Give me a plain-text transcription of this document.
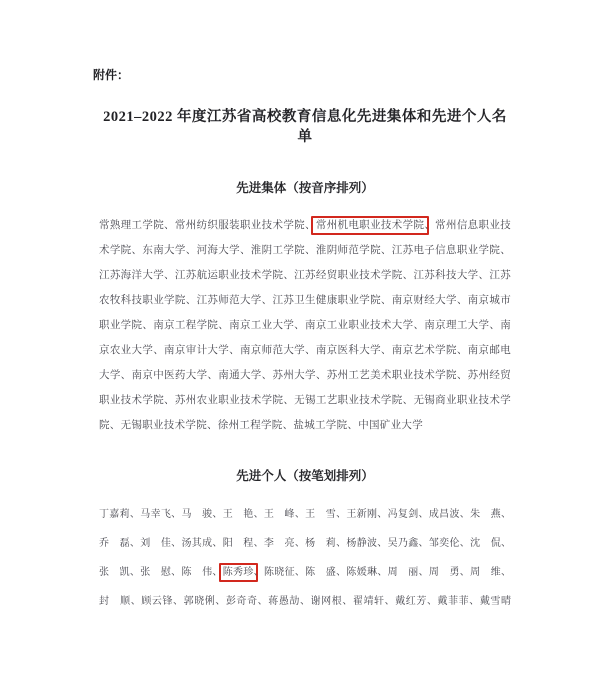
附件：
2021–2022 年度江苏省高校教育信息化先进集体和先进个人名单
先进集体（按音序排列）

常熟理工学院、常州纺织服装职业技术学院、常州机电职业技术学院、常州信息职业技术学院、东南大学、河海大学、淮阴工学院、淮阴师范学院、江苏电子信息职业学院、江苏海洋大学、江苏航运职业技术学院、江苏经贸职业技术学院、江苏科技大学、江苏农牧科技职业学院、江苏师范大学、江苏卫生健康职业学院、南京财经大学、南京城市职业学院、南京工程学院、南京工业大学、南京工业职业技术大学、南京理工大学、南京农业大学、南京审计大学、南京师范大学、南京医科大学、南京艺术学院、南京邮电大学、南京中医药大学、南通大学、苏州大学、苏州工艺美术职业技术学院、苏州经贸职业技术学院、苏州农业职业技术学院、无锡工艺职业技术学院、无锡商业职业技术学院、无锡职业技术学院、徐州工程学院、盐城工学院、中国矿业大学

先进个人（按笔划排列）
丁嘉莉、马幸飞、马　骏、王　艳、王　峰、王　雪、王新刚、冯复剑、成昌波、朱　燕、
乔　磊、刘　佳、汤其成、阳　程、李　亮、杨　莉、杨静波、吴乃鑫、邹奕伦、沈　侃、
张　凯、张　慰、陈　伟、陈秀珍、陈晓征、陈　盛、陈媛琳、周　丽、周　勇、周　维、
封　顺、顾云锋、郭晓俐、彭奇奇、蒋愚劼、谢网根、翟靖轩、戴红芳、戴菲菲、戴雪晴
